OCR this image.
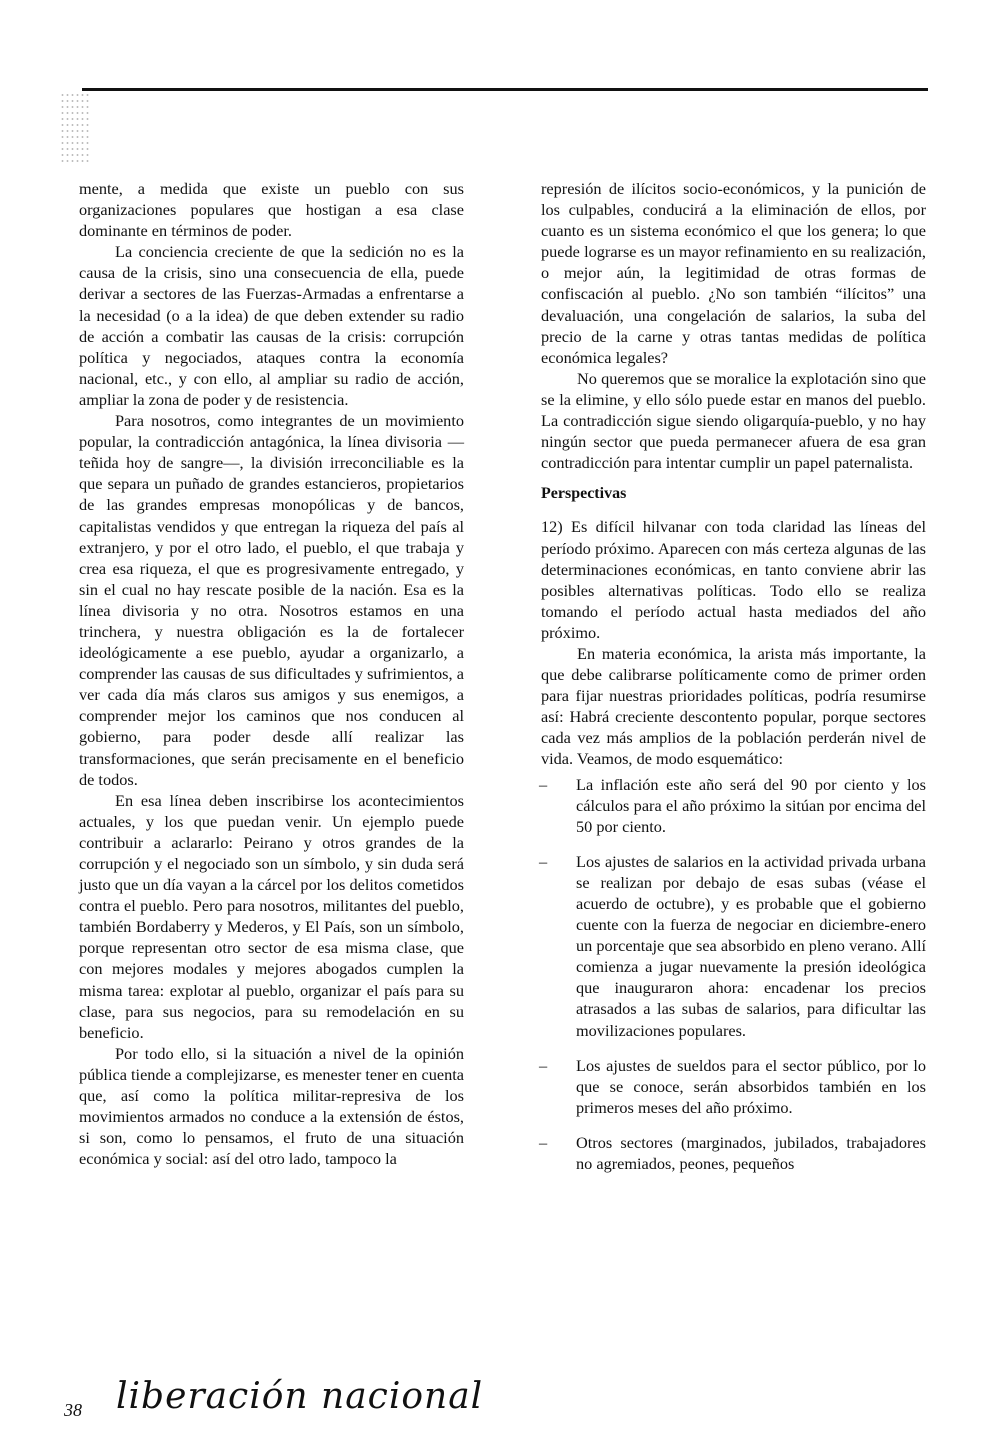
mente, a medida que existe un pueblo con sus organizaciones populares que hostigan a esa clase dominante en términos de poder.

La conciencia creciente de que la sedición no es la causa de la crisis, sino una consecuencia de ella, puede derivar a sectores de las Fuerzas-Armadas a enfrentarse a la necesidad (o a la idea) de que deben extender su radio de acción a combatir las causas de la crisis: corrupción política y negociados, ataques contra la economía nacional, etc., y con ello, al ampliar su radio de acción, ampliar la zona de poder y de resistencia.

Para nosotros, como integrantes de un movimiento popular, la contradicción antagónica, la línea divisoria —teñida hoy de sangre—, la división irreconciliable es la que separa un puñado de grandes estancieros, propietarios de las grandes empresas monopólicas y de bancos, capitalistas vendidos y que entregan la riqueza del país al extranjero, y por el otro lado, el pueblo, el que trabaja y crea esa riqueza, el que es progresivamente entregado, y sin el cual no hay rescate posible de la nación. Esa es la línea divisoria y no otra. Nosotros estamos en una trinchera, y nuestra obligación es la de fortalecer ideológicamente a ese pueblo, ayudar a organizarlo, a comprender las causas de sus dificultades y sufrimientos, a ver cada día más claros sus amigos y sus enemigos, a comprender mejor los caminos que nos conducen al gobierno, para poder desde allí realizar las transformaciones, que serán precisamente en el beneficio de todos.

En esa línea deben inscribirse los acontecimientos actuales, y los que puedan venir. Un ejemplo puede contribuir a aclararlo: Peirano y otros grandes de la corrupción y el negociado son un símbolo, y sin duda será justo que un día vayan a la cárcel por los delitos cometidos contra el pueblo. Pero para nosotros, militantes del pueblo, también Bordaberry y Mederos, y El País, son un símbolo, porque representan otro sector de esa misma clase, que con mejores modales y mejores abogados cumplen la misma tarea: explotar al pueblo, organizar el país para su clase, para sus negocios, para su remodelación en su beneficio.

Por todo ello, si la situación a nivel de la opinión pública tiende a complejizarse, es menester tener en cuenta que, así como la política militar-represiva de los movimientos armados no conduce a la extensión de éstos, si son, como lo pensamos, el fruto de una situación económica y social: así del otro lado, tampoco la

represión de ilícitos socio-económicos, y la punición de los culpables, conducirá a la eliminación de ellos, por cuanto es un sistema económico el que los genera; lo que puede lograrse es un mayor refinamiento en su realización, o mejor aún, la legitimidad de otras formas de confiscación al pueblo. ¿No son también “ilícitos” una devaluación, una congelación de salarios, la suba del precio de la carne y otras tantas medidas de política económica legales?

No queremos que se moralice la explotación sino que se la elimine, y ello sólo puede estar en manos del pueblo. La contradicción sigue siendo oligarquía-pueblo, y no hay ningún sector que pueda permanecer afuera de esa gran contradicción para intentar cumplir un papel paternalista.

Perspectivas

12) Es difícil hilvanar con toda claridad las líneas del período próximo. Aparecen con más certeza algunas de las determinaciones económicas, en tanto conviene abrir las posibles alternativas políticas. Todo ello se realiza tomando el período actual hasta mediados del año próximo.

En materia económica, la arista más importante, la que debe calibrarse políticamente como de primer orden para fijar nuestras prioridades políticas, podría resumirse así: Habrá creciente descontento popular, porque sectores cada vez más amplios de la población perderán nivel de vida. Veamos, de modo esquemático:

– La inflación este año será del 90 por ciento y los cálculos para el año próximo la sitúan por encima del 50 por ciento.
– Los ajustes de salarios en la actividad privada urbana se realizan por debajo de esas subas (véase el acuerdo de octubre), y es probable que el gobierno cuente con la fuerza de negociar en diciembre-enero un porcentaje que sea absorbido en pleno verano. Allí comienza a jugar nuevamente la presión ideológica que inauguraron ahora: encadenar los precios atrasados a las subas de salarios, para dificultar las movilizaciones populares.
– Los ajustes de sueldos para el sector público, por lo que se conoce, serán absorbidos también en los primeros meses del año próximo.
– Otros sectores (marginados, jubilados, trabajadores no agremiados, peones, pequeños
38 liberación nacional
